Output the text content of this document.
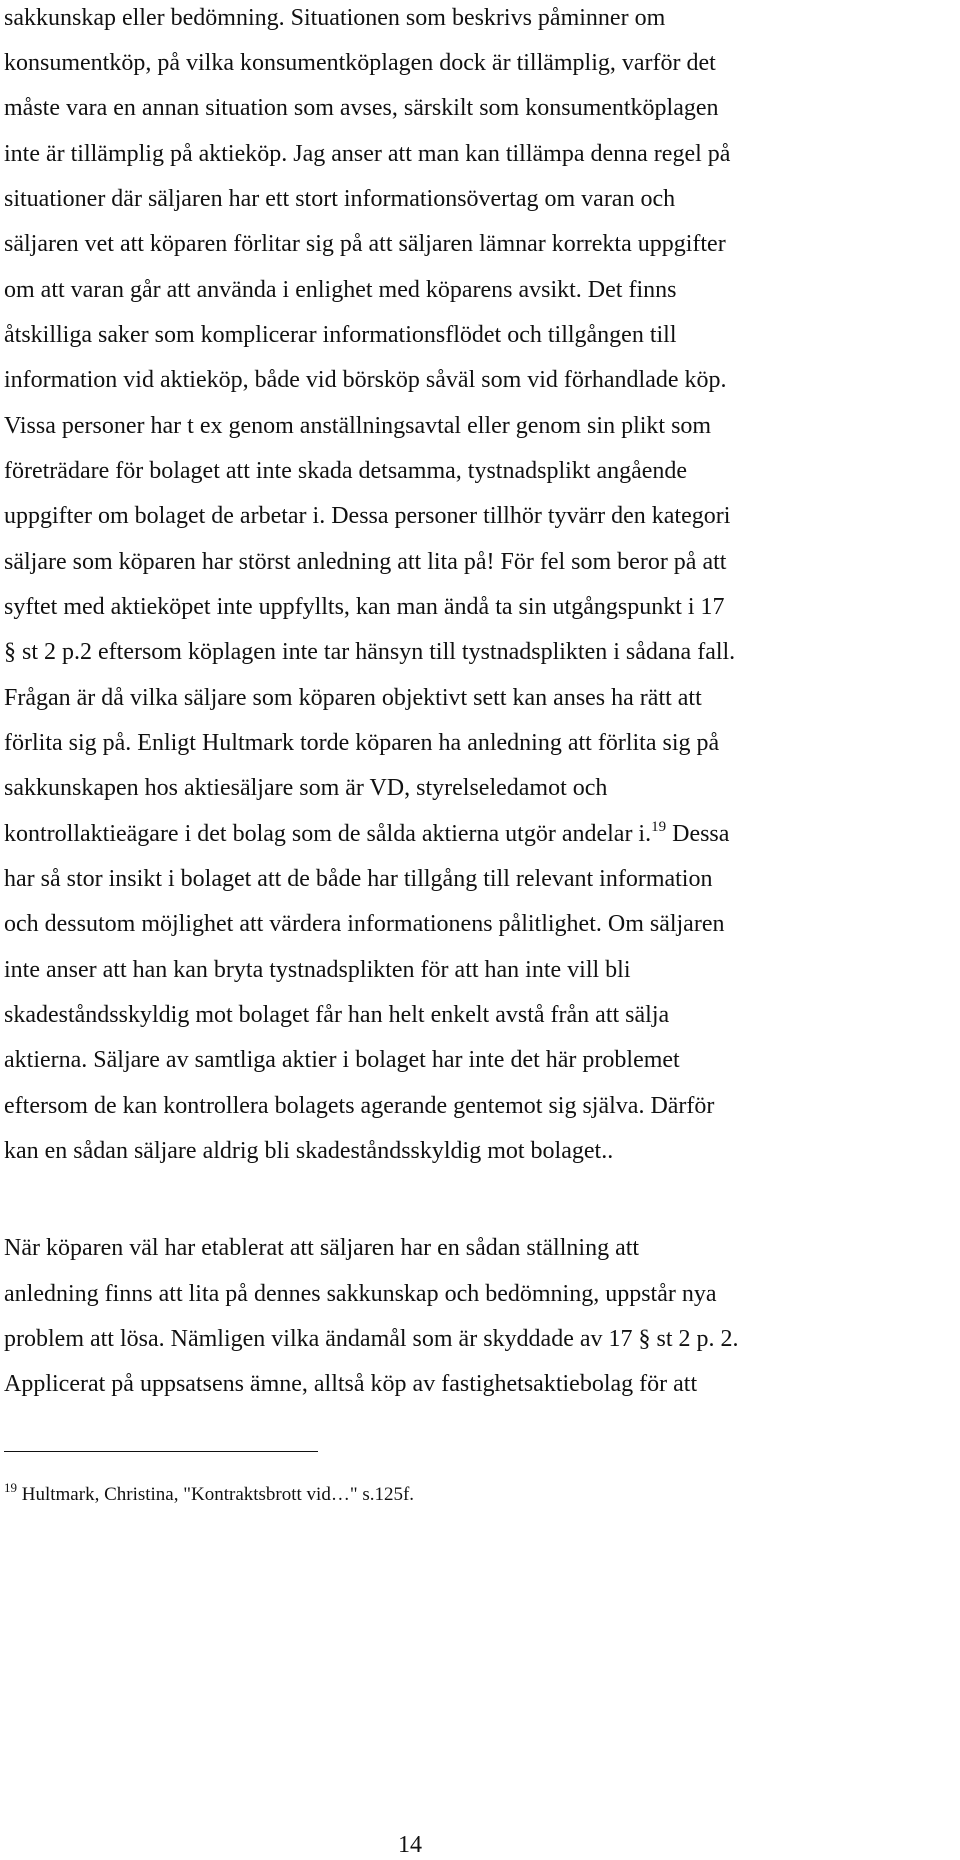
sakkunskap eller bedömning. Situationen som beskrivs påminner om
konsumentköp, på vilka konsumentköplagen dock är tillämplig, varför det
måste vara en annan situation som avses, särskilt som konsumentköplagen
inte är tillämplig på aktieköp. Jag anser att man kan tillämpa denna regel på
situationer där säljaren har ett stort informationsövertag om varan och
säljaren vet att köparen förlitar sig på att säljaren lämnar korrekta uppgifter
om att varan går att använda i enlighet med köparens avsikt. Det finns
åtskilliga saker som komplicerar informationsflödet och tillgången till
information vid aktieköp, både vid börsköp såväl som vid förhandlade köp.
Vissa personer har t ex genom anställningsavtal eller genom sin plikt som
företrädare för bolaget att inte skada detsamma, tystnadsplikt angående
uppgifter om bolaget de arbetar i. Dessa personer tillhör tyvärr den kategori
säljare som köparen har störst anledning att lita på! För fel som beror på att
syftet med aktieköpet inte uppfyllts, kan man ändå ta sin utgångspunkt i 17
§ st 2 p.2 eftersom köplagen inte tar hänsyn till tystnadsplikten i sådana fall.
Frågan är då vilka säljare som köparen objektivt sett kan anses ha rätt att
förlita sig på. Enligt Hultmark torde köparen ha anledning att förlita sig på
sakkunskapen hos aktiesäljare som är VD, styrelseledamot och
kontrollaktieägare i det bolag som de sålda aktierna utgör andelar i.$^{19}$ Dessa
har så stor insikt i bolaget att de både har tillgång till relevant information
och dessutom möjlighet att värdera informationens pålitlighet. Om säljaren
inte anser att han kan bryta tystnadsplikten för att han inte vill bli
skadeståndsskyldig mot bolaget får han helt enkelt avstå från att sälja
aktierna. Säljare av samtliga aktier i bolaget har inte det här problemet
eftersom de kan kontrollera bolagets agerande gentemot sig själva. Därför
kan en sådan säljare aldrig bli skadeståndsskyldig mot bolaget..
När köparen väl har etablerat att säljaren har en sådan ställning att
anledning finns att lita på dennes sakkunskap och bedömning, uppstår nya
problem att lösa. Nämligen vilka ändamål som är skyddade av 17 § st 2 p. 2.
Applicerat på uppsatsens ämne, alltså köp av fastighetsaktiebolag för att
$^{19}$ Hultmark, Christina, "Kontraktsbrott vid…" s.125f.
14
